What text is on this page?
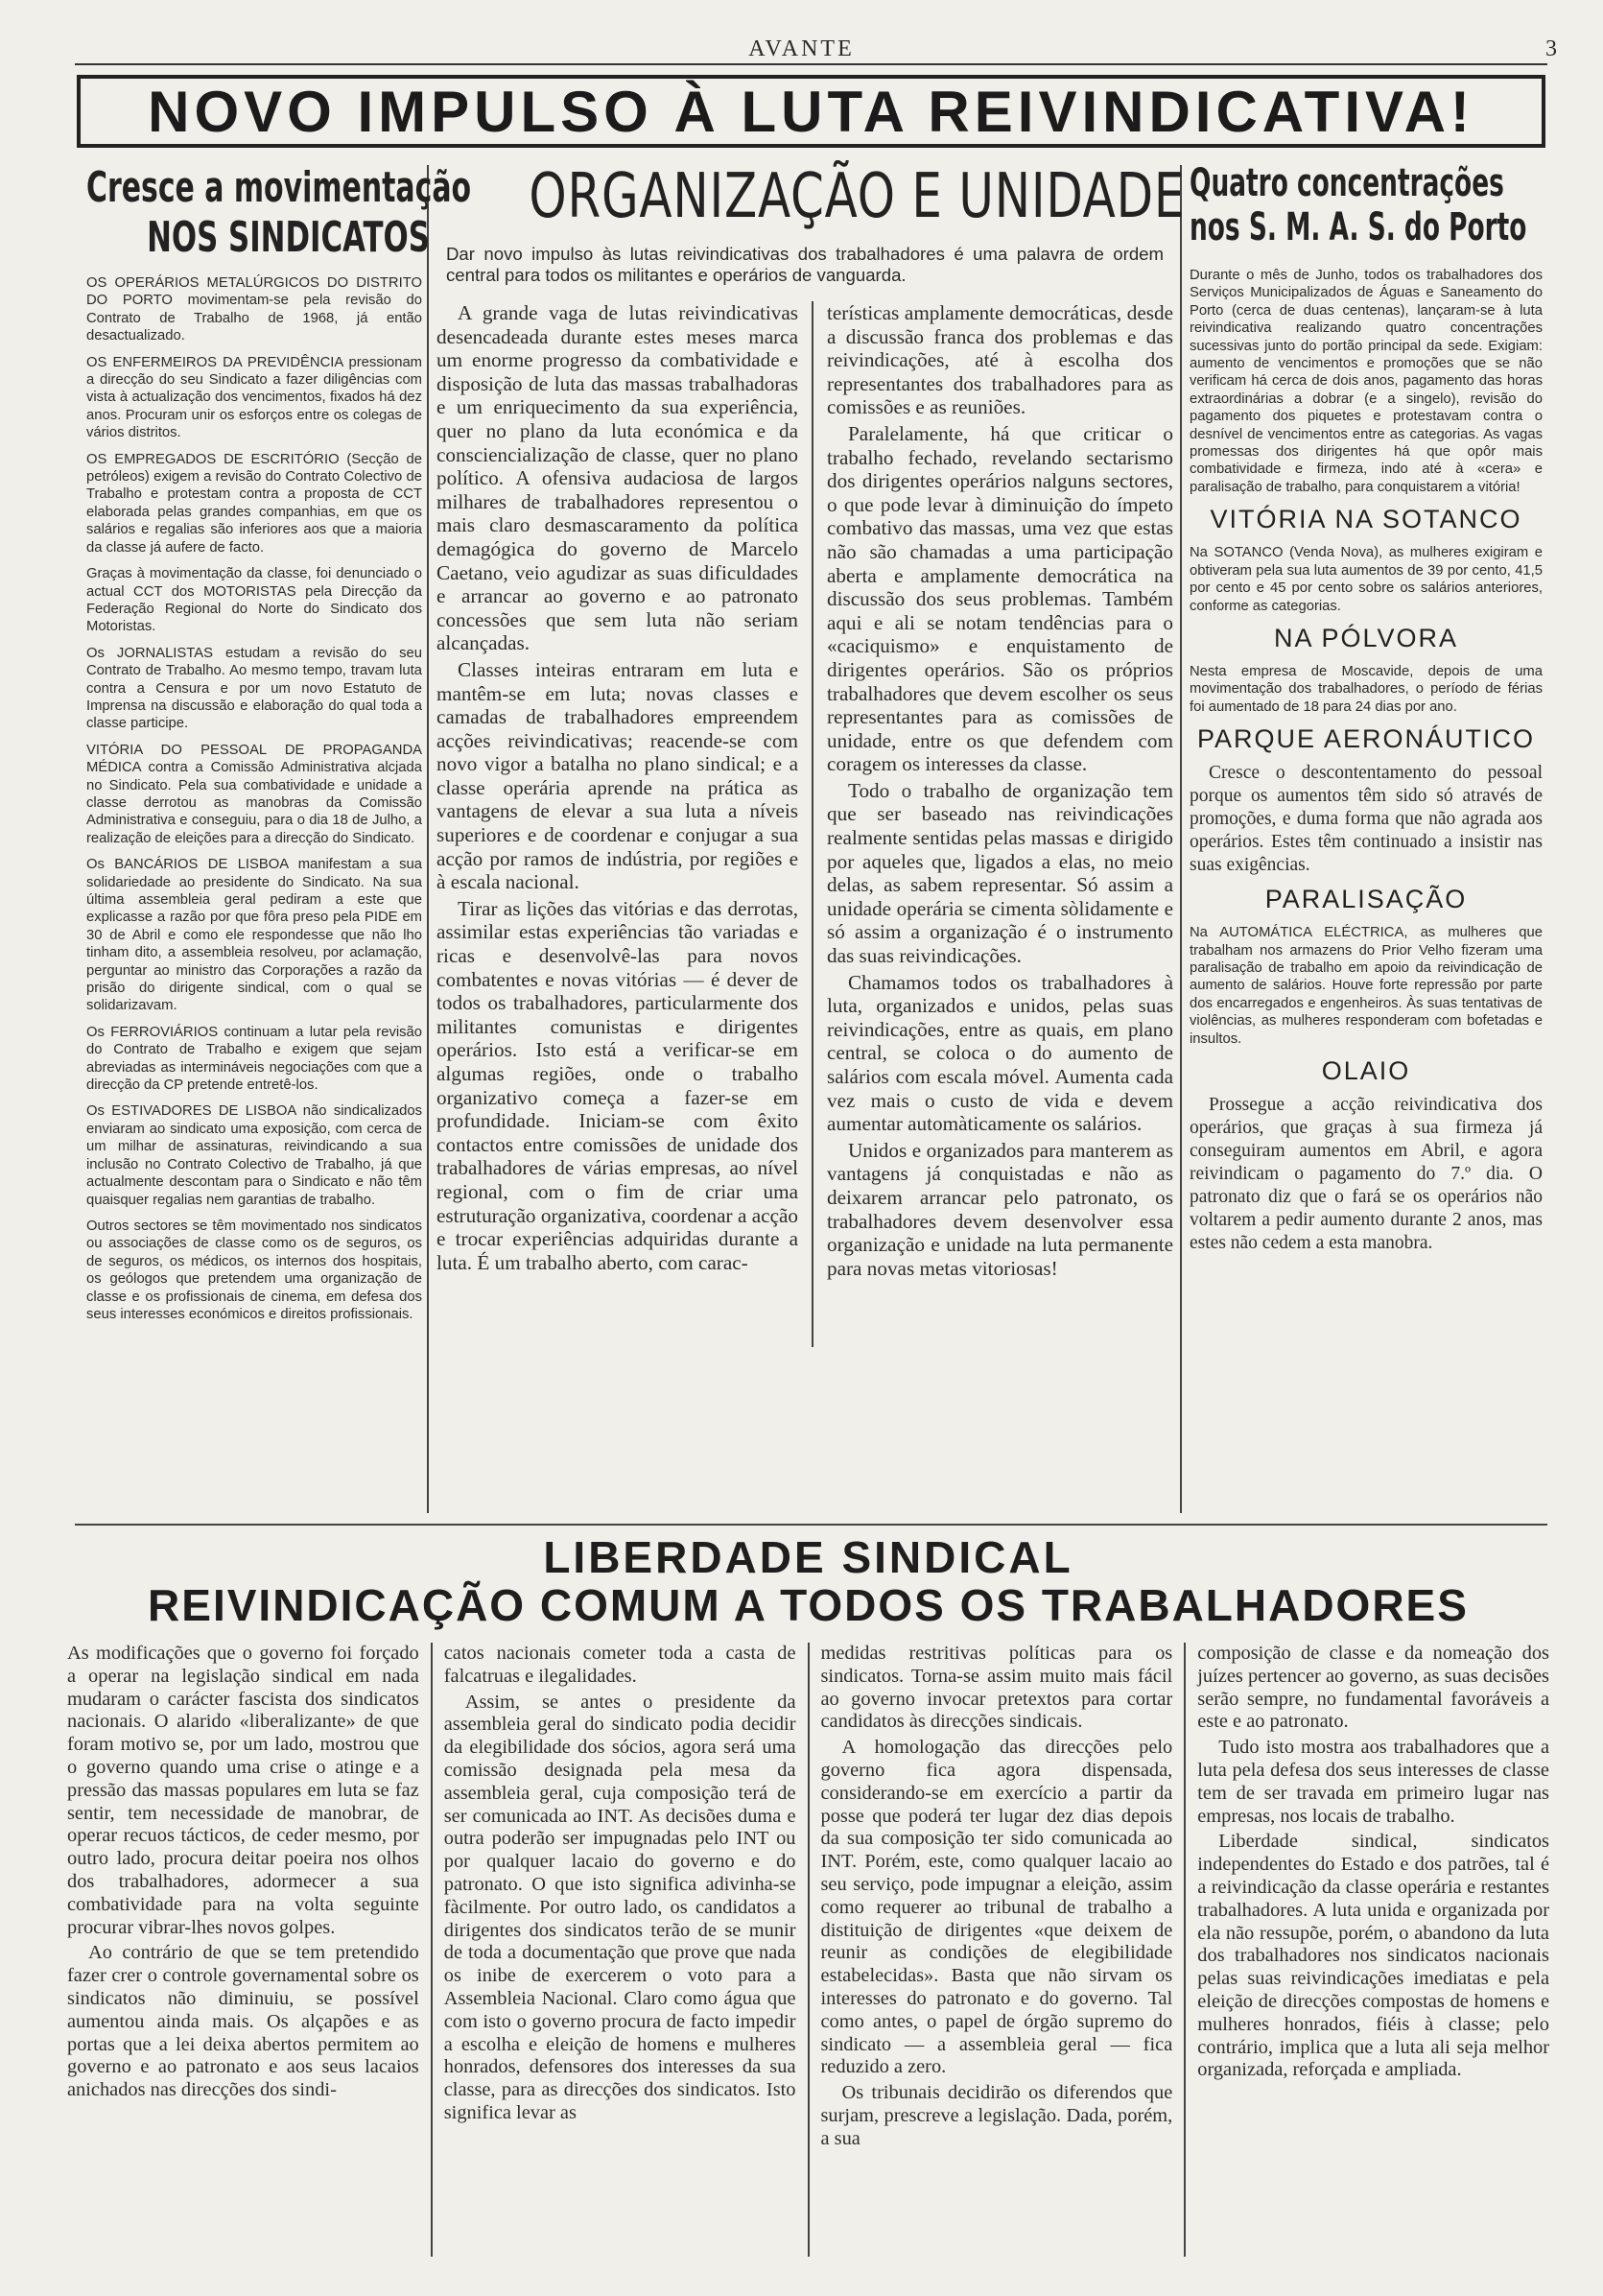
AVANTE	3
NOVO IMPULSO À LUTA REIVINDICATIVA!
Cresce a movimentação
NOS SINDICATOS

OS OPERÁRIOS METALÚRGICOS DO DISTRITO DO PORTO movimentam-se pela revisão do Contrato de Trabalho de 1968, já então desactualizado.

OS ENFERMEIROS DA PREVIDÊNCIA pressionam a direcção do seu Sindicato a fazer diligências com vista à actualização dos vencimentos, fixados há dez anos. Procuram unir os esforços entre os colegas de vários distritos.

OS EMPREGADOS DE ESCRITÓRIO (Secção de petróleos) exigem a revisão do Contrato Colectivo de Trabalho e protestam contra a proposta de CCT elaborada pelas grandes companhias, em que os salários e regalias são inferiores aos que a maioria da classe já aufere de facto.

Graças à movimentação da classe, foi denunciado o actual CCT dos MOTORISTAS pela Direcção da Federação Regional do Norte do Sindicato dos Motoristas.

Os JORNALISTAS estudam a revisão do seu Contrato de Trabalho. Ao mesmo tempo, travam luta contra a Censura e por um novo Estatuto de Imprensa na discussão e elaboração do qual toda a classe participe.

VITÓRIA DO PESSOAL DE PROPAGANDA MÉDICA contra a Comissão Administrativa alcjada no Sindicato. Pela sua combatividade e unidade a classe derrotou as manobras da Comissão Administrativa e conseguiu, para o dia 18 de Julho, a realização de eleições para a direcção do Sindicato.

Os BANCÁRIOS DE LISBOA manifestam a sua solidariedade ao presidente do Sindicato. Na sua última assembleia geral pediram a este que explicasse a razão por que fôra preso pela PIDE em 30 de Abril e como ele respondesse que não lho tinham dito, a assembleia resolveu, por aclamação, perguntar ao ministro das Corporações a razão da prisão do dirigente sindical, com o qual se solidarizavam.

Os FERROVIÁRIOS continuam a lutar pela revisão do Contrato de Trabalho e exigem que sejam abreviadas as intermináveis negociações com que a direcção da CP pretende entretê-los.

Os ESTIVADORES DE LISBOA não sindicalizados enviaram ao sindicato uma exposição, com cerca de um milhar de assinaturas, reivindicando a sua inclusão no Contrato Colectivo de Trabalho, já que actualmente descontam para o Sindicato e não têm quaisquer regalias nem garantias de trabalho.

Outros sectores se têm movimentado nos sindicatos ou associações de classe como os de seguros, os de seguros, os médicos, os internos dos hospitais, os geólogos que pretendem uma organização de classe e os profissionais de cinema, em defesa dos seus interesses económicos e direitos profissionais.

ORGANIZAÇÃO E UNIDADE
Dar novo impulso às lutas reivindicativas dos trabalhadores é uma palavra de ordem central para todos os militantes e operários de vanguarda.

A grande vaga de lutas reivindicativas desencadeada durante estes meses marca um enorme progresso da combatividade e disposição de luta das massas trabalhadoras e um enriquecimento da sua experiência, quer no plano da luta económica e da consciencialização de classe, quer no plano político. A ofensiva audaciosa de largos milhares de trabalhadores representou o mais claro desmascaramento da política demagógica do governo de Marcelo Caetano, veio agudizar as suas dificuldades e arrancar ao governo e ao patronato concessões que sem luta não seriam alcançadas.

Classes inteiras entraram em luta e mantêm-se em luta; novas classes e camadas de trabalhadores empreendem acções reivindicativas; reacende-se com novo vigor a batalha no plano sindical; e a classe operária aprende na prática as vantagens de elevar a sua luta a níveis superiores e de coordenar e conjugar a sua acção por ramos de indústria, por regiões e à escala nacional.

Tirar as lições das vitórias e das derrotas, assimilar estas experiências tão variadas e ricas e desenvolvê-las para novos combatentes e novas vitórias — é dever de todos os trabalhadores, particularmente dos militantes comunistas e dirigentes operários. Isto está a verificar-se em algumas regiões, onde o trabalho organizativo começa a fazer-se em profundidade. Iniciam-se com êxito contactos entre comissões de unidade dos trabalhadores de várias empresas, ao nível regional, com o fim de criar uma estruturação organizativa, coordenar a acção e trocar experiências adquiridas durante a luta. É um trabalho aberto, com carac-

terísticas amplamente democráticas, desde a discussão franca dos problemas e das reivindicações, até à escolha dos representantes dos trabalhadores para as comissões e as reuniões.

Paralelamente, há que criticar o trabalho fechado, revelando sectarismo dos dirigentes operários nalguns sectores, o que pode levar à diminuição do ímpeto combativo das massas, uma vez que estas não são chamadas a uma participação aberta e amplamente democrática na discussão dos seus problemas. Também aqui e ali se notam tendências para o «caciquismo» e enquistamento de dirigentes operários. São os próprios trabalhadores que devem escolher os seus representantes para as comissões de unidade, entre os que defendem com coragem os interesses da classe.

Todo o trabalho de organização tem que ser baseado nas reivindicações realmente sentidas pelas massas e dirigido por aqueles que, ligados a elas, no meio delas, as sabem representar. Só assim a unidade operária se cimenta sòlidamente e só assim a organização é o instrumento das suas reivindicações.

Chamamos todos os trabalhadores à luta, organizados e unidos, pelas suas reivindicações, entre as quais, em plano central, se coloca o do aumento de salários com escala móvel. Aumenta cada vez mais o custo de vida e devem aumentar automàticamente os salários.

Unidos e organizados para manterem as vantagens já conquistadas e não as deixarem arrancar pelo patronato, os trabalhadores devem desenvolver essa organização e unidade na luta permanente para novas metas vitoriosas!

Quatro concentrações
nos S. M. A. S. do Porto

Durante o mês de Junho, todos os trabalhadores dos Serviços Municipalizados de Águas e Saneamento do Porto (cerca de duas centenas), lançaram-se à luta reivindicativa realizando quatro concentrações sucessivas junto do portão principal da sede. Exigiam: aumento de vencimentos e promoções que se não verificam há cerca de dois anos, pagamento das horas extraordinárias a dobrar (e a singelo), revisão do pagamento dos piquetes e protestavam contra o desnível de vencimentos entre as categorias. As vagas promessas dos dirigentes há que opôr mais combatividade e firmeza, indo até à «cera» e paralisação de trabalho, para conquistarem a vitória!

VITÓRIA NA SOTANCO

Na SOTANCO (Venda Nova), as mulheres exigiram e obtiveram pela sua luta aumentos de 39 por cento, 41,5 por cento e 45 por cento sobre os salários anteriores, conforme as categorias.

NA PÓLVORA

Nesta empresa de Moscavide, depois de uma movimentação dos trabalhadores, o período de férias foi aumentado de 18 para 24 dias por ano.

PARQUE AERONÁUTICO

Cresce o descontentamento do pessoal porque os aumentos têm sido só através de promoções, e duma forma que não agrada aos operários. Estes têm continuado a insistir nas suas exigências.

PARALISAÇÃO

Na AUTOMÁTICA ELÉCTRICA, as mulheres que trabalham nos armazens do Prior Velho fizeram uma paralisação de trabalho em apoio da reivindicação de aumento de salários. Houve forte repressão por parte dos encarregados e engenheiros. Às suas tentativas de violências, as mulheres responderam com bofetadas e insultos.

OLAIO

Prossegue a acção reivindicativa dos operários, que graças à sua firmeza já conseguiram aumentos em Abril, e agora reivindicam o pagamento do 7.º dia. O patronato diz que o fará se os operários não voltarem a pedir aumento durante 2 anos, mas estes não cedem a esta manobra.

LIBERDADE SINDICAL
REIVINDICAÇÃO COMUM A TODOS OS TRABALHADORES

As modificações que o governo foi forçado a operar na legislação sindical em nada mudaram o carácter fascista dos sindicatos nacionais. O alarido «liberalizante» de que foram motivo se, por um lado, mostrou que o governo quando uma crise o atinge e a pressão das massas populares em luta se faz sentir, tem necessidade de manobrar, de operar recuos tácticos, de ceder mesmo, por outro lado, procura deitar poeira nos olhos dos trabalhadores, adormecer a sua combatividade para na volta seguinte procurar vibrar-lhes novos golpes.

Ao contrário de que se tem pretendido fazer crer o controle governamental sobre os sindicatos não diminuiu, se possível aumentou ainda mais. Os alçapões e as portas que a lei deixa abertos permitem ao governo e ao patronato e aos seus lacaios anichados nas direcções dos sindi-

catos nacionais cometer toda a casta de falcatruas e ilegalidades.

Assim, se antes o presidente da assembleia geral do sindicato podia decidir da elegibilidade dos sócios, agora será uma comissão designada pela mesa da assembleia geral, cuja composição terá de ser comunicada ao INT. As decisões duma e outra poderão ser impugnadas pelo INT ou por qualquer lacaio do governo e do patronato. O que isto significa adivinha-se fàcilmente. Por outro lado, os candidatos a dirigentes dos sindicatos terão de se munir de toda a documentação que prove que nada os inibe de exercerem o voto para a Assembleia Nacional. Claro como água que com isto o governo procura de facto impedir a escolha e eleição de homens e mulheres honrados, defensores dos interesses da sua classe, para as direcções dos sindicatos. Isto significa levar as

medidas restritivas políticas para os sindicatos. Torna-se assim muito mais fácil ao governo invocar pretextos para cortar candidatos às direcções sindicais.

A homologação das direcções pelo governo fica agora dispensada, considerando-se em exercício a partir da posse que poderá ter lugar dez dias depois da sua composição ter sido comunicada ao INT. Porém, este, como qualquer lacaio ao seu serviço, pode impugnar a eleição, assim como requerer ao tribunal de trabalho a distituição de dirigentes «que deixem de reunir as condições de elegibilidade estabelecidas». Basta que não sirvam os interesses do patronato e do governo. Tal como antes, o papel de órgão supremo do sindicato — a assembleia geral — fica reduzido a zero.

Os tribunais decidirão os diferendos que surjam, prescreve a legislação. Dada, porém, a sua

composição de classe e da nomeação dos juízes pertencer ao governo, as suas decisões serão sempre, no fundamental favoráveis a este e ao patronato.

Tudo isto mostra aos trabalhadores que a luta pela defesa dos seus interesses de classe tem de ser travada em primeiro lugar nas empresas, nos locais de trabalho.

Liberdade sindical, sindicatos independentes do Estado e dos patrões, tal é a reivindicação da classe operária e restantes trabalhadores. A luta unida e organizada por ela não ressupõe, porém, o abandono da luta dos trabalhadores nos sindicatos nacionais pelas suas reivindicações imediatas e pela eleição de direcções compostas de homens e mulheres honrados, fiéis à classe; pelo contrário, implica que a luta ali seja melhor organizada, reforçada e ampliada.
